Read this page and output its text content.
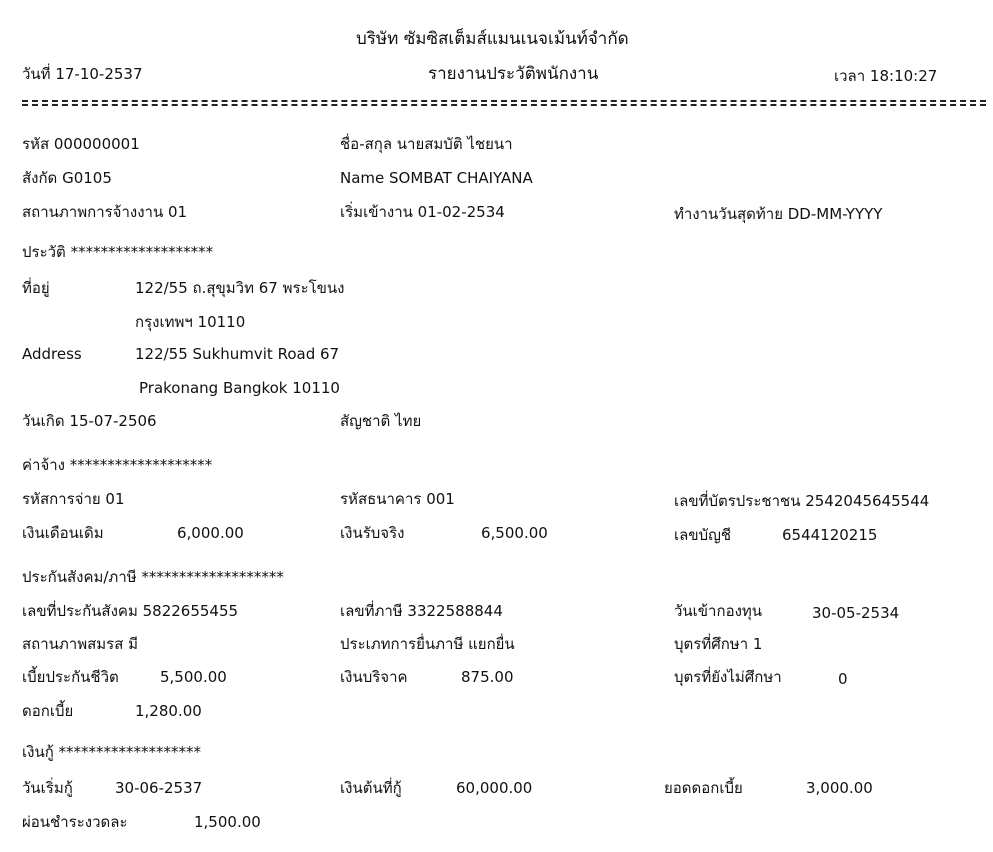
บริษัท ซัมซิสเต็มส์แมนเนจเม้นท์จำกัด
วันที่ 17-10-2537	รายงานประวัติพนักงาน	เวลา 18:10:27
รหัส 000000001	ชื่อ-สกุล นายสมบัติ ไชยนา
สังกัด G0105	Name SOMBAT CHAIYANA
สถานภาพการจ้างงาน 01	เริ่มเข้างาน 01-02-2534	ทำงานวันสุดท้าย DD-MM-YYYY
ประวัติ *******************
ที่อยู่	122/55 ถ.สุขุมวิท 67 พระโขนง
กรุงเทพฯ 10110
Address	122/55 Sukhumvit Road 67
Prakonang Bangkok 10110
วันเกิด 15-07-2506	สัญชาติ ไทย
ค่าจ้าง *******************
รหัสการจ่าย 01	รหัสธนาคาร 001	เลขที่บัตรประชาชน 2542045645544
เงินเดือนเดิม	6,000.00	เงินรับจริง	6,500.00	เลขบัญชี	6544120215
ประกันสังคม/ภาษี *******************
เลขที่ประกันสังคม 5822655455	เลขที่ภาษี 3322588844	วันเข้ากองทุน	30-05-2534
สถานภาพสมรส มี	ประเภทการยื่นภาษี แยกยื่น	บุตรที่ศึกษา 1
เบี้ยประกันชีวิต	5,500.00	เงินบริจาค	875.00	บุตรที่ยังไม่ศึกษา	0
ดอกเบี้ย	1,280.00
เงินกู้ *******************
วันเริ่มกู้	30-06-2537	เงินต้นที่กู้	60,000.00	ยอดดอกเบี้ย	3,000.00
ผ่อนชำระงวดละ	1,500.00
